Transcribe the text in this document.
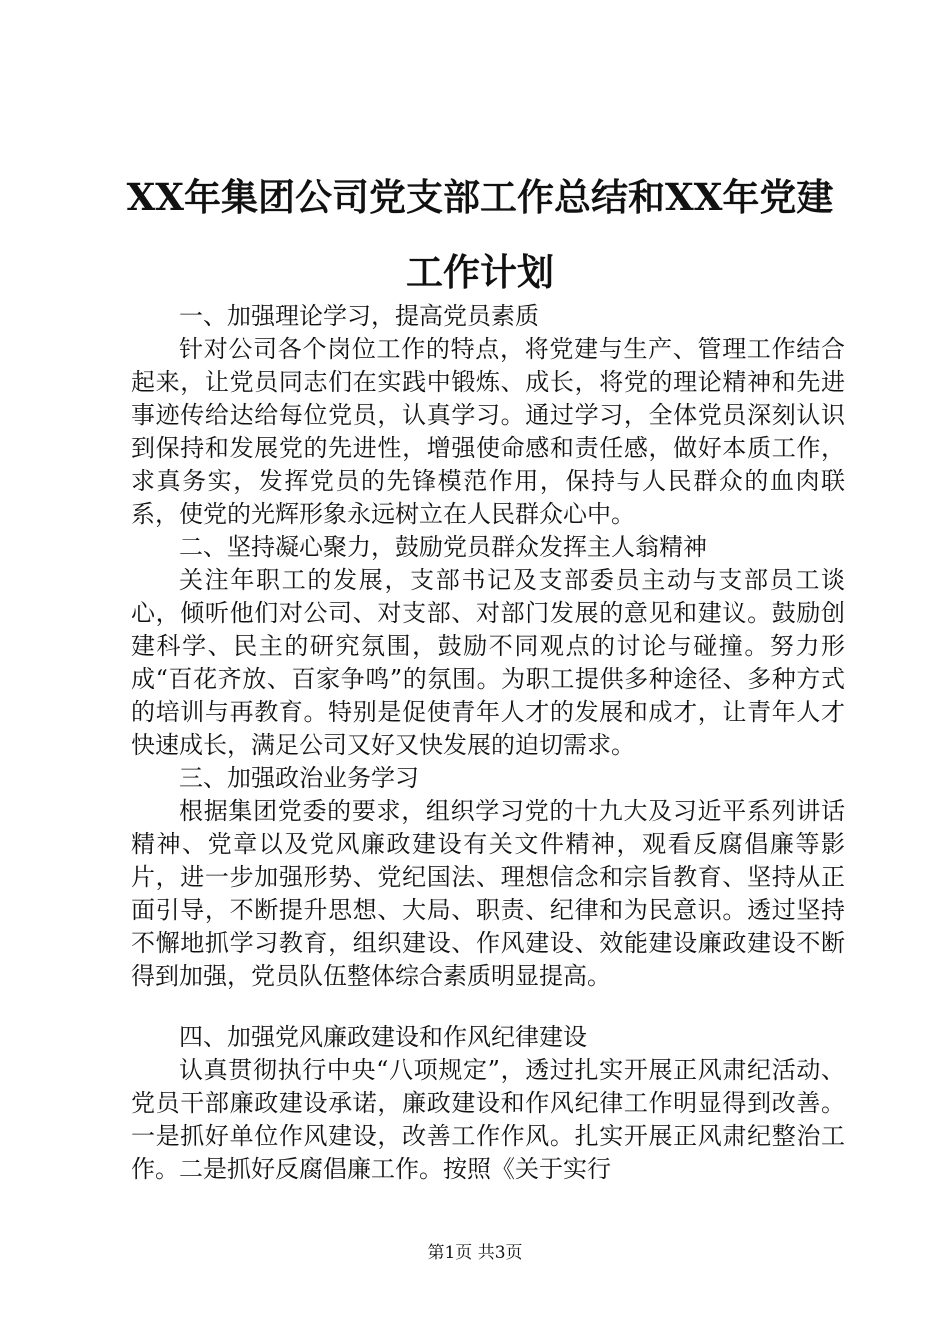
XX年集团公司党支部工作总结和XX年党建工作计划
一、加强理论学习，提高党员素质

针对公司各个岗位工作的特点，将党建与生产、管理工作结合起来，让党员同志们在实践中锻炼、成长，将党的理论精神和先进事迹传给达给每位党员，认真学习。通过学习，全体党员深刻认识到保持和发展党的先进性，增强使命感和责任感，做好本质工作，求真务实，发挥党员的先锋模范作用，保持与人民群众的血肉联系，使党的光辉形象永远树立在人民群众心中。

二、坚持凝心聚力，鼓励党员群众发挥主人翁精神

关注年职工的发展，支部书记及支部委员主动与支部员工谈心，倾听他们对公司、对支部、对部门发展的意见和建议。鼓励创建科学、民主的研究氛围，鼓励不同观点的讨论与碰撞。努力形成“百花齐放、百家争鸣”的氛围。为职工提供多种途径、多种方式的培训与再教育。特别是促使青年人才的发展和成才，让青年人才快速成长，满足公司又好又快发展的迫切需求。

三、加强政治业务学习

根据集团党委的要求，组织学习党的十九大及习近平系列讲话精神、党章以及党风廉政建设有关文件精神，观看反腐倡廉等影片，进一步加强形势、党纪国法、理想信念和宗旨教育、坚持从正面引导，不断提升思想、大局、职责、纪律和为民意识。透过坚持不懈地抓学习教育，组织建设、作风建设、效能建设廉政建设不断得到加强，党员队伍整体综合素质明显提高。

四、加强党风廉政建设和作风纪律建设

认真贯彻执行中央“八项规定”，透过扎实开展正风肃纪活动、党员干部廉政建设承诺，廉政建设和作风纪律工作明显得到改善。一是抓好单位作风建设，改善工作作风。扎实开展正风肃纪整治工作。二是抓好反腐倡廉工作。按照《关于实行

第1页 共3页
